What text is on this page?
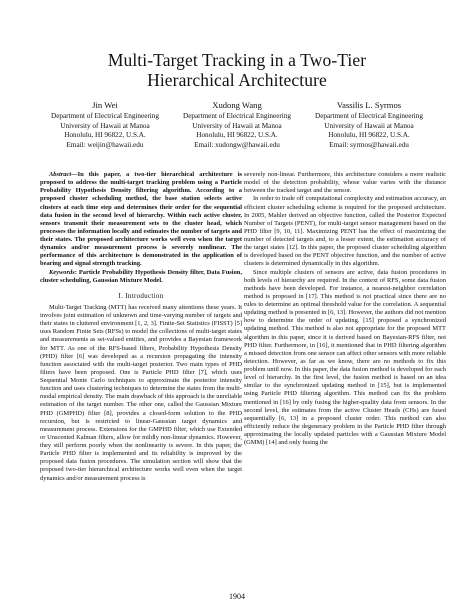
Multi-Target Tracking in a Two-Tier
Hierarchical Architecture
Jin Wei
Department of Electrical Engineering
University of Hawaii at Manoa
Honolulu, HI 96822, U.S.A.
Email: weijin@hawaii.edu
Xudong Wang
Department of Electrical Engineering
University of Hawaii at Manoa
Honolulu, HI 96822, U.S.A.
Email: xudongw@hawaii.edu
Vassilis L. Syrmos
Department of Electrical Engineering
University of Hawaii at Manoa
Honolulu, HI 96822, U.S.A.
Email: syrmos@hawaii.edu

Abstract—In this paper, a two-tier hierarchical architecture is proposed to address the multi-target tracking problem using a Particle Probability Hypothesis Density filtering algorithm. According to a proposed cluster scheduling method, the base station selects active clusters at each time step and determines their order for the sequential data fusion in the second level of hierarchy. Within each active cluster, sensors transmit their measurement sets to the cluster head, which processes the information locally and estimates the number of targets and their states. The proposed architecture works well even when the target dynamics and/or measurement process is severely nonlinear. The performance of this architecture is demonstrated in the application of bearing and signal strength tracking.

Keywords: Particle Probability Hypothesis Density filter, Data Fusion, cluster scheduling, Gaussian Mixture Model.

I. Introduction

Multi-Target Tracking (MTT) has received many attentions these years. It involves joint estimation of unknown and time-varying number of targets and their states in cluttered environment [1, 2, 3]. Finite-Set Statistics (FISST) [5] uses Random Finite Sets (RFSs) to model the collections of multi-target states and measurements as set-valued entities, and provides a Bayesian framework for MTT. As one of the RFS-based filters, Probability Hypothesis Density (PHD) filter [6] was developed as a recursion propagating the intensity function associated with the multi-target posterior. Two main types of PHD filters have been proposed. One is Particle PHD filter [7], which uses Sequential Monte Carlo techniques to approximate the posterior intensity function and uses clustering techniques to determine the states from the multi-modal empirical density. The main drawback of this approach is the unreliable estimation of the target number. The other one, called the Gaussian Mixture PHD (GMPHD) filter [8], provides a closed-form solution to the PHD recursion, but is restricted to linear-Gaussian target dynamics and measurement process. Extensions for the GMPHD filter, which use Extended or Unscented Kalman filters, allow for mildly non-linear dynamics. However, they still perform poorly when the nonlinearity is severe. In this paper, the Particle PHD filter is implemented and its reliability is improved by the proposed data fusion procedures. The simulation section will show that the proposed two-tier hierarchical architecture works well even when the target dynamics and/or measurement process is

severely non-linear. Furthermore, this architecture considers a more realistic model of the detection probability, whose value varies with the distance between the tracked target and the sensor.

In order to trade off computational complexity and estimation accuracy, an efficient cluster scheduling scheme is required for the proposed architecture. In 2005, Mahler derived an objective function, called the Posterior Expected Number of Targets (PENT), for multi-target sensor management based on the PHD filter [9, 10, 11]. Maximizing PENT has the effect of maximizing the number of detected targets and, to a lesser extent, the estimation accuracy of the target states [12]. In this paper, the proposed cluster scheduling algorithm is developed based on the PENT objective function, and the number of active clusters is determined dynamically in this algorithm.

Since multiple clusters of sensors are active, data fusion procedures in both levels of hierarchy are required. In the context of RFS, some data fusion methods have been developed. For instance, a nearest-neighbor correlation method is proposed in [17]. This method is not practical since there are no rules to determine an optimal threshold value for the correlation. A sequential updating method is presented in [6, 13]. However, the authors did not mention how to determine the order of updating. [15] proposed a synchronized updating method. This method is also not appropriate for the proposed MTT algorithm in this paper, since it is derived based on Bayesian-RFS filter, not PHD filter. Furthermore, in [16], it mentioned that in PHD filtering algorithm a missed detection from one sensor can affect other sensors with more reliable detection. However, as far as we know, there are no methods to fix this problem until now. In this paper, the data fusion method is developed for each level of hierarchy. In the first level, the fusion method is based on an idea similar to the synchronized updating method in [15], but is implemented using Particle PHD filtering algorithm. This method can fix the problem mentioned in [16] by only fusing the higher-quality data from sensors. In the second level, the estimates from the active Cluster Heads (CHs) are fused sequentially [6, 13] in a proposed cluster order. This method can also efficiently reduce the degeneracy problem in the Particle PHD filter through approximating the locally updated particles with a Gaussian Mixture Model (GMM) [14] and only fusing the

1904
